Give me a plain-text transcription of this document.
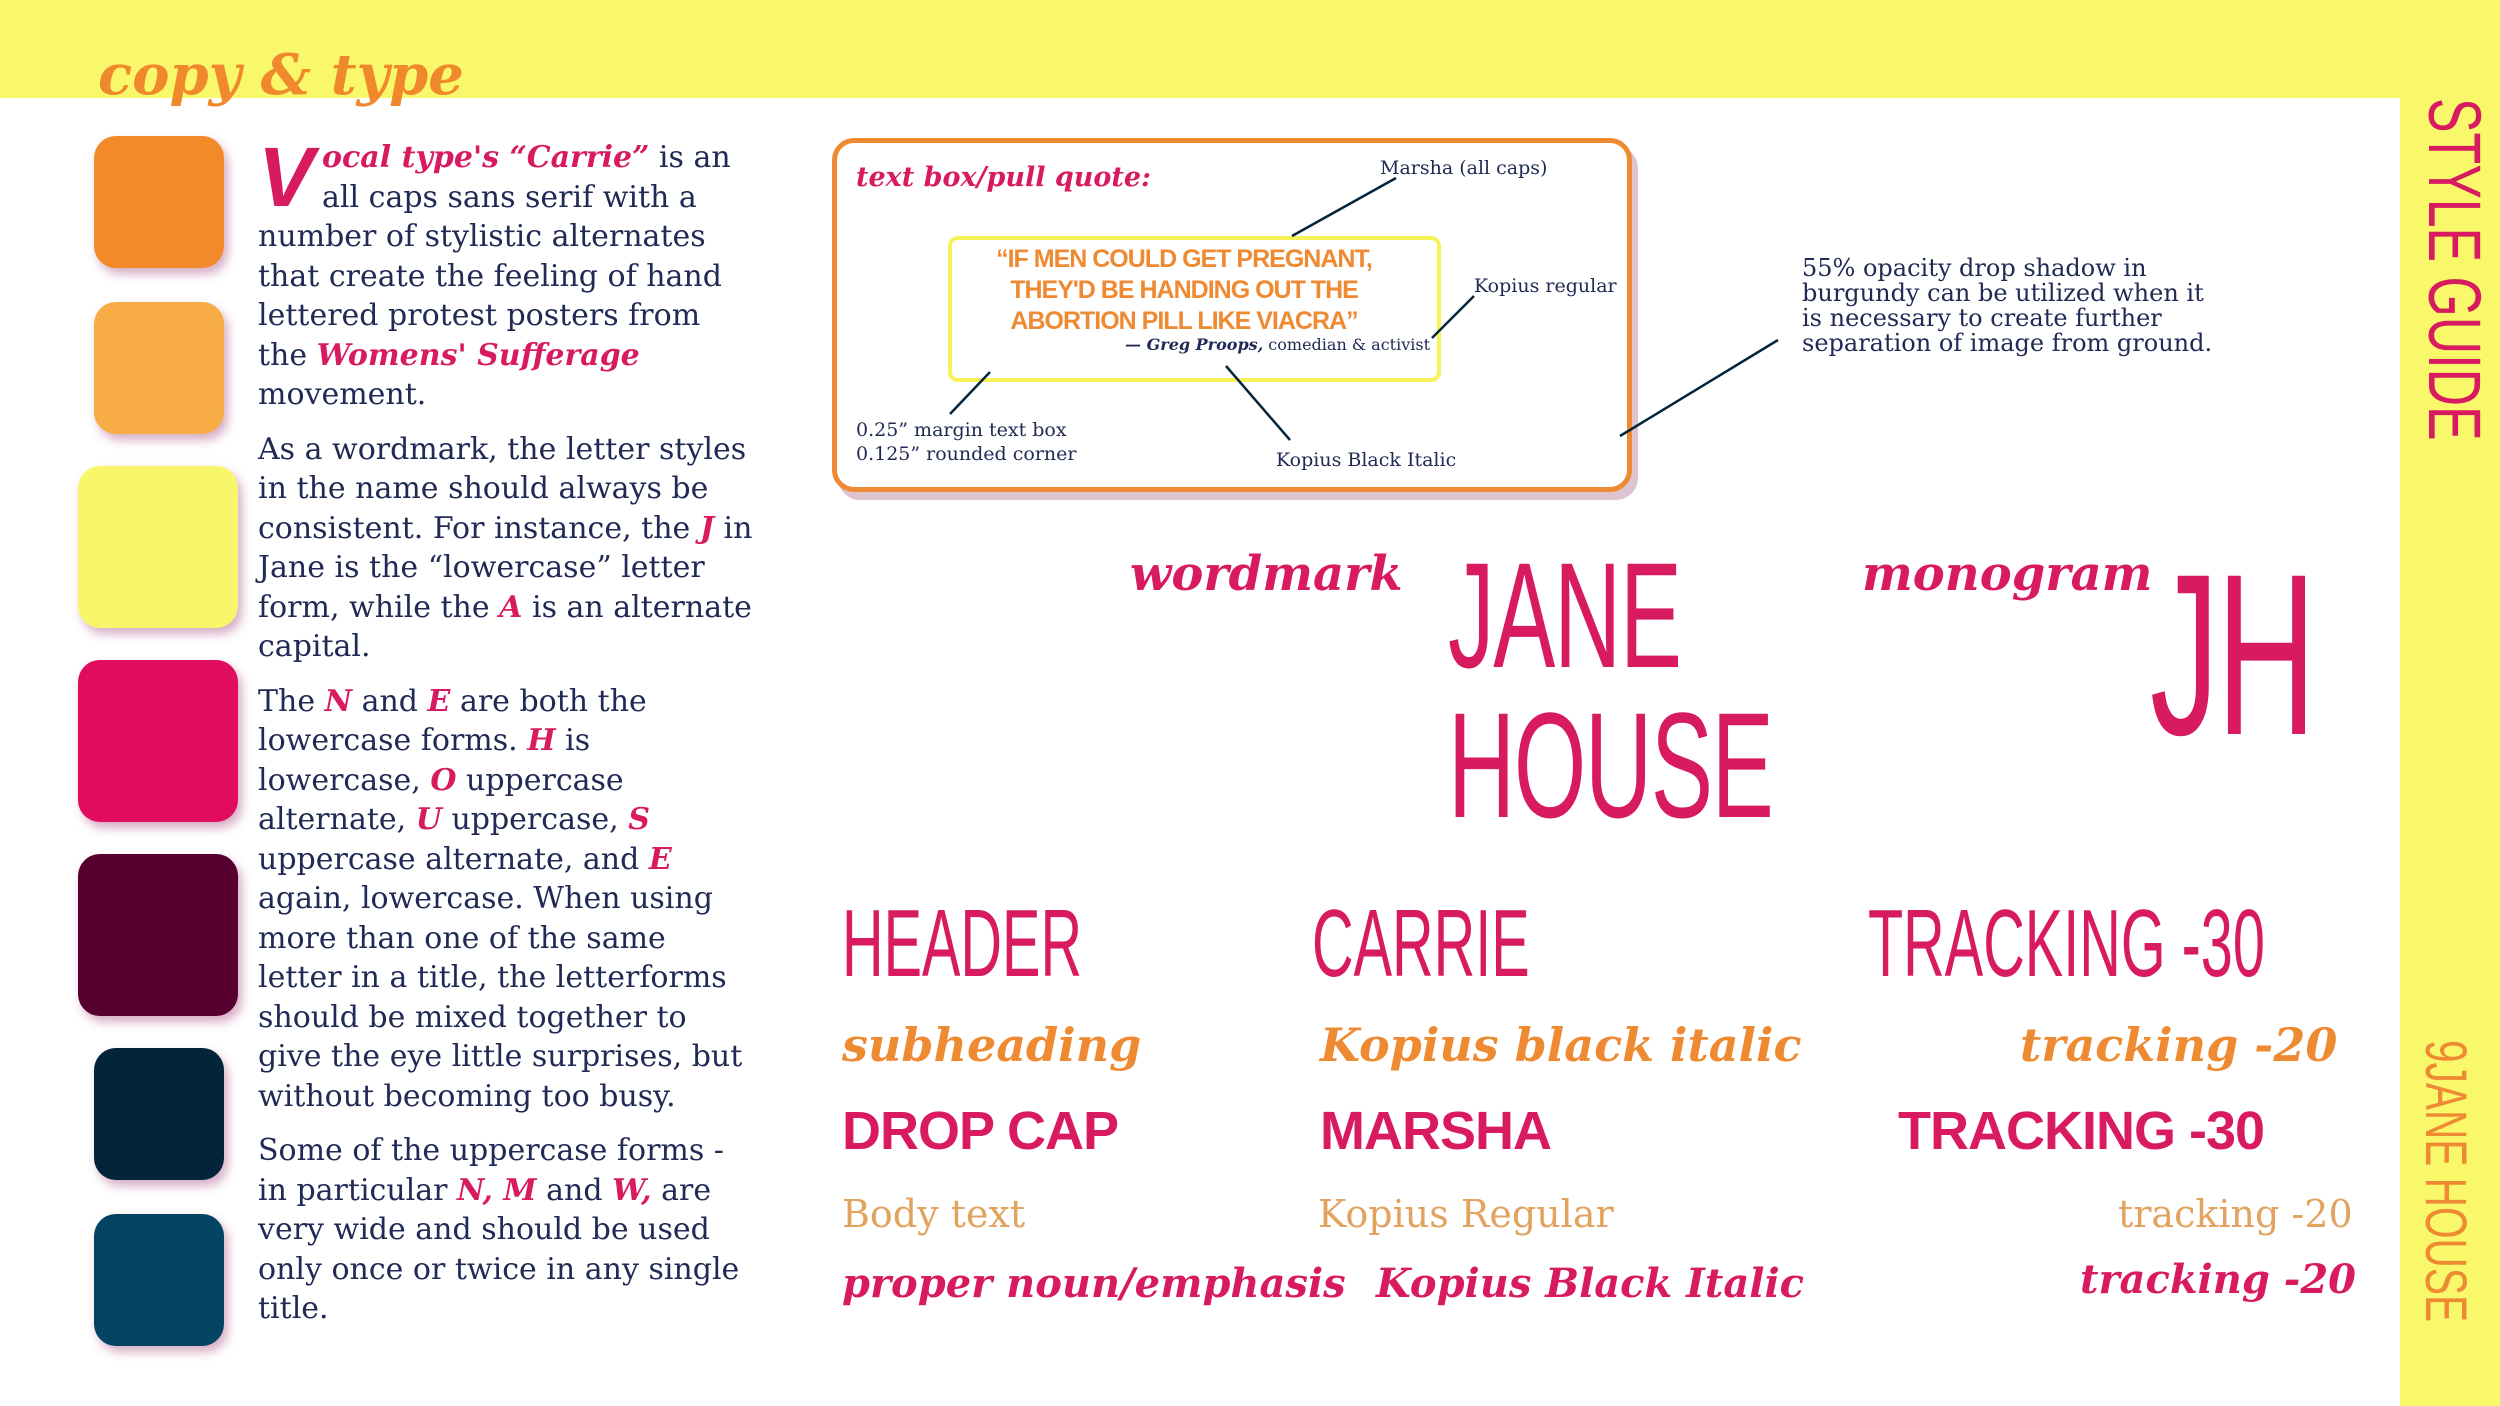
copy & type

Vocal type's “Carrie” is an all caps sans serif with a number of stylistic alternates that create the feeling of hand lettered protest posters from the Womens' Sufferage movement.

As a wordmark, the letter styles in the name should always be consistent. For instance, the J in Jane is the “lowercase” letter form, while the A is an alternate capital.

The N and E are both the lowercase forms. H is lowercase, O uppercase alternate, U uppercase, S uppercase alternate, and E again, lowercase. When using more than one of the same letter in a title, the letterforms should be mixed together to give the eye little surprises, but without becoming too busy.

Some of the uppercase forms - in particular N, M and W, are very wide and should be used only once or twice in any single title.

text box/pull quote:
“IF MEN COULD GET PREGNANT, THEY'D BE HANDING OUT THE ABORTION PILL LIKE VIACRA”
— Greg Proops, comedian & activist
Marsha (all caps)
Kopius regular
0.25” margin text box
0.125” rounded corner	Kopius Black Italic
55% opacity drop shadow in burgundy can be utilized when it is necessary to create further separation of image from ground.
wordmark JANE
HOUSE
monogram
JH
HEADER
subheading
DROP CAP
Body text
proper noun/emphasis
CARRIE
Kopius black italic
MARSHA
Kopius Regular
Kopius Black Italic
TRACKING -30
tracking -20
TRACKING -30
tracking -20
tracking -20
STYLE GUIDE
9JANE HOUSE
